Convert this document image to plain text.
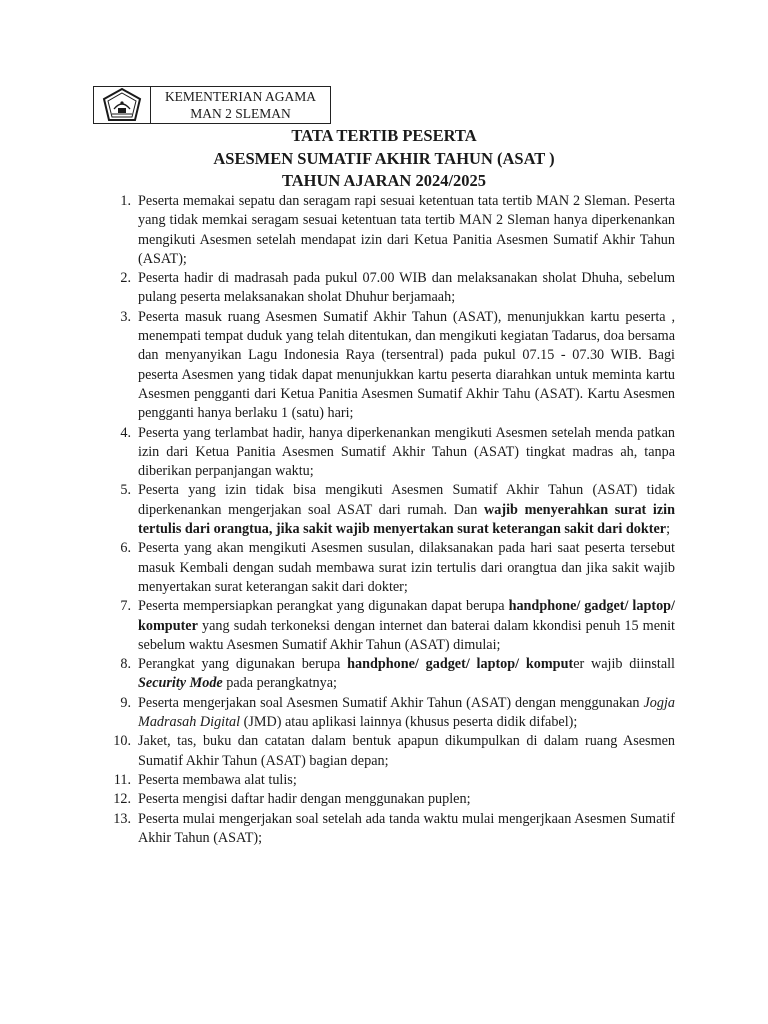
KEMENTERIAN AGAMA
MAN 2 SLEMAN
TATA TERTIB PESERTA
ASESMEN SUMATIF AKHIR TAHUN (ASAT )
TAHUN AJARAN 2024/2025
1. Peserta memakai sepatu dan seragam rapi sesuai ketentuan tata tertib MAN 2 Sleman. Peserta yang tidak memkai seragam sesuai ketentuan tata tertib MAN 2 Sleman hanya diperkenankan mengikuti Asesmen setelah mendapat izin dari Ketua Panitia Asesmen Sumatif Akhir Tahun (ASAT);
2. Peserta hadir di madrasah pada pukul 07.00 WIB dan melaksanakan sholat Dhuha, sebelum pulang peserta melaksanakan sholat Dhuhur berjamaah;
3. Peserta masuk ruang Asesmen Sumatif Akhir Tahun (ASAT), menunjukkan kartu peserta , menempati tempat duduk yang telah ditentukan, dan mengikuti kegiatan Tadarus, doa bersama dan menyanyikan Lagu Indonesia Raya (tersentral) pada pukul 07.15 - 07.30 WIB. Bagi peserta Asesmen yang tidak dapat menunjukkan kartu peserta diarahkan untuk meminta kartu Asesmen pengganti dari Ketua Panitia Asesmen Sumatif Akhir Tahu (ASAT). Kartu Asesmen pengganti hanya berlaku 1 (satu) hari;
4. Peserta yang terlambat hadir, hanya diperkenankan mengikuti Asesmen setelah menda patkan izin dari Ketua Panitia Asesmen Sumatif Akhir Tahun (ASAT) tingkat madras ah, tanpa diberikan perpanjangan waktu;
5. Peserta yang izin tidak bisa mengikuti Asesmen Sumatif Akhir Tahun (ASAT) tidak diperkenankan mengerjakan soal ASAT dari rumah. Dan wajib menyerahkan surat izin tertulis dari orangtua, jika sakit wajib menyertakan surat keterangan sakit dari dokter;
6. Peserta yang akan mengikuti Asesmen susulan, dilaksanakan pada hari saat peserta tersebut masuk Kembali dengan sudah membawa surat izin tertulis dari orangtua dan jika sakit wajib menyertakan surat keterangan sakit dari dokter;
7. Peserta mempersiapkan perangkat yang digunakan dapat berupa handphone/ gadget/ laptop/ komputer yang sudah terkoneksi dengan internet dan baterai dalam kkondisi penuh 15 menit sebelum waktu Asesmen Sumatif Akhir Tahun (ASAT) dimulai;
8. Perangkat yang digunakan berupa handphone/ gadget/ laptop/ komputer wajib diinstall Security Mode pada perangkatnya;
9. Peserta mengerjakan soal Asesmen Sumatif Akhir Tahun (ASAT) dengan menggunakan Jogja Madrasah Digital (JMD) atau aplikasi lainnya (khusus peserta didik difabel);
10. Jaket, tas, buku dan catatan dalam bentuk apapun dikumpulkan di dalam ruang Asesmen Sumatif Akhir Tahun (ASAT) bagian depan;
11. Peserta membawa alat tulis;
12. Peserta mengisi daftar hadir dengan menggunakan puplen;
13. Peserta mulai mengerjakan soal setelah ada tanda waktu mulai mengerjkaan Asesmen Sumatif Akhir Tahun (ASAT);
